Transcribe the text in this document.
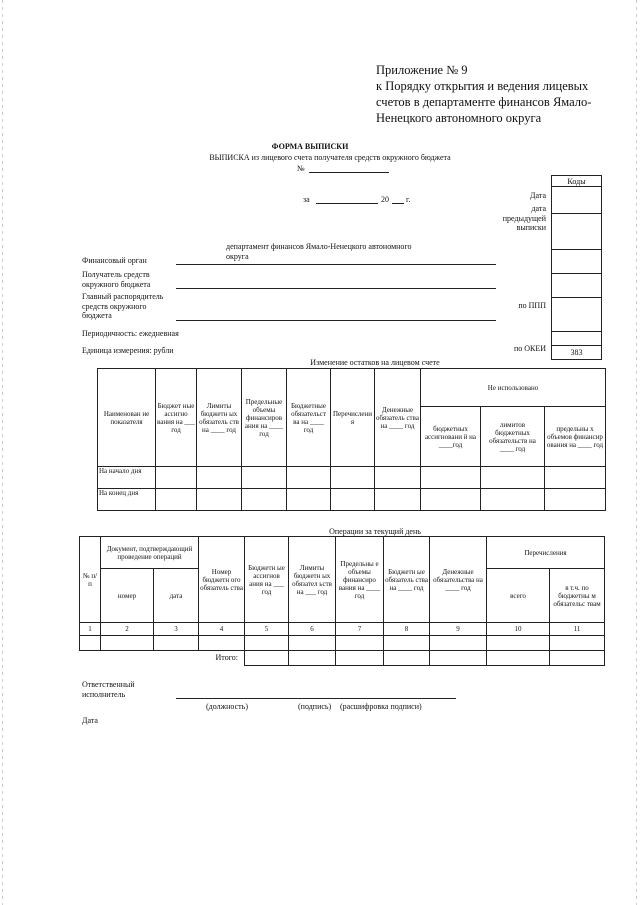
Приложение № 9
к Порядку открытия и ведения лицевых
счетов в департаменте финансов Ямало-
Ненецкого автономного округа
ФОРМА ВЫПИСКИ
ВЫПИСКА из лицевого счета получателя средств окружного бюджета
№
за	20 г.
Коды
383
Дата
дата
предыдущей
выписки
по ППП
по ОКЕИ
департамент финансов Ямало-Ненецкого автономного
округа
Финансовый орган
Получатель средств
окружного бюджета
Главный распорядитель
средств окружного
бюджета
Периодичность: ежедневная
Единица измерения: рубли
Изменение остатков на лицевом счете
Наименован ие показателя	Бюджет ные ассигно вания на ___ год	Лимиты бюджетн ых обязатель ств на ____ год	Предельные объемы финансиров ания на ____ год	Бюджетные обязательст ва на ____ год	Перечислени я	Денежные обязатель ства на ____ год	Не использовано		
							бюджетных ассигновани й на ____год	лимитов бюджетных обязательств на ____ год	предельны х объемов финансир ования на ____ год
На начало дня									
На конец дня									
Операции за текущий день
№ п/ п	Документ, подтверждающий проведение операций		Номер бюджетн ого обязатель ства	Бюджетн ые ассигнов ания на ___ год	Лимиты бюджетн ых обязател ьств на ___ год	Предельны е объемы финансиро вания на ____ год	Бюджетн ые обязатель ства на ____ год	Денежные обязательства на ____ год	Перечисления	
	номер	дата							всего	в т.ч. по бюджетны м обязательс твам
1	2	3	4	5	6	7	8	9	10	11

Итого:										
Ответственный
исполнитель
(должность)	(подпись) (расшифровка подписи)
Дата
